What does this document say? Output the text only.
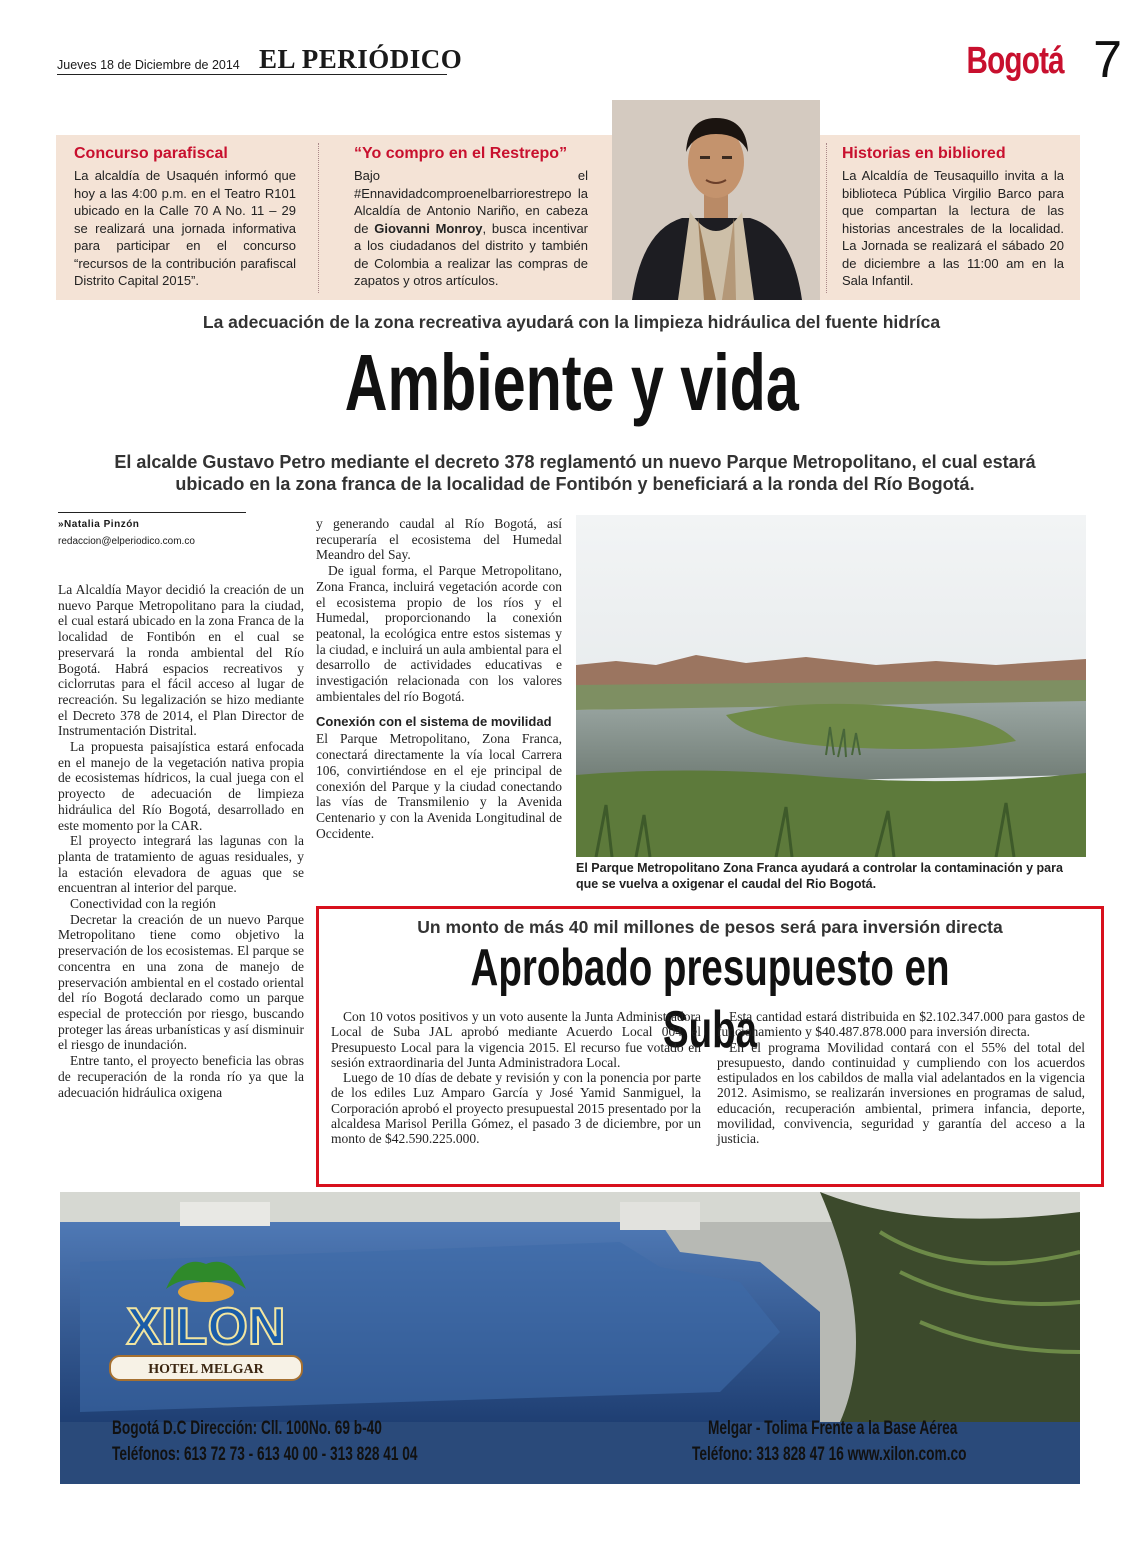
Jueves 18 de Diciembre de 2014 EL PERIÓDICO	Bogotá 7
Concurso parafiscal

La alcaldía de Usaquén informó que hoy a las 4:00 p.m. en el Teatro R101 ubicado en la Calle 70 A No. 11 – 29 se realizará una jornada informativa para participar en el concurso “recursos de la contribución parafiscal Distrito Capital 2015”.

“Yo compro en el Restrepo”

Bajo el #Ennavidadcomproenelbarriorestrepo la Alcaldía de Antonio Nariño, en cabeza de Giovanni Monroy, busca incentivar a los ciudadanos del distrito y también de Colombia a realizar las compras de zapatos y otros artículos.

Historias en bibliored

La Alcaldía de Teusaquillo invita a la biblioteca Pública Virgilio Barco para que compartan la lectura de las historias ancestrales de la localidad. La Jornada se realizará el sábado 20 de diciembre a las 11:00 am en la Sala Infantil.

La adecuación de la zona recreativa ayudará con la limpieza hidráulica del fuente hidríca
Ambiente y vida
El alcalde Gustavo Petro mediante el decreto 378 reglamentó un nuevo Parque Metropolitano, el cual estará
ubicado en la zona franca de la localidad de Fontibón y beneficiará a la ronda del Río Bogotá.
»Natalia Pinzón
redaccion@elperiodico.com.co

La Alcaldía Mayor decidió la creación de un nuevo Parque Metropolitano para la ciudad, el cual estará ubicado en la zona Franca de la localidad de Fontibón en el cual se preservará la ronda ambiental del Río Bogotá. Habrá espacios recreativos y ciclorrutas para el fácil acceso al lugar de recreación. Su legalización se hizo mediante el Decreto 378 de 2014, el Plan Director de Instrumentación Distrital.

La propuesta paisajística estará enfocada en el manejo de la vegetación nativa propia de ecosistemas hídricos, la cual juega con el proyecto de adecuación de limpieza hidráulica del Río Bogotá, desarrollado en este momento por la CAR.

El proyecto integrará las lagunas con la planta de tratamiento de aguas residuales, y la estación elevadora de aguas que se encuentran al interior del parque.

Conectividad con la región

Decretar la creación de un nuevo Parque Metropolitano tiene como objetivo la preservación de los ecosistemas. El parque se concentra en una zona de manejo de preservación ambiental en el costado oriental del río Bogotá declarado como un parque especial de protección por riesgo, buscando proteger las áreas urbanísticas y así disminuir el riesgo de inundación.

Entre tanto, el proyecto beneficia las obras de recuperación de la ronda río ya que la adecuación hidráulica oxigena

y generando caudal al Río Bogotá, así recuperaría el ecosistema del Humedal Meandro del Say.

De igual forma, el Parque Metropolitano, Zona Franca, incluirá vegetación acorde con el ecosistema propio de los ríos y el Humedal, proporcionando la conexión peatonal, la ecológica entre estos sistemas y la ciudad, e incluirá un aula ambiental para el desarrollo de actividades educativas e investigación relacionada con los valores ambientales del río Bogotá.

Conexión con el sistema de movilidad

El Parque Metropolitano, Zona Franca, conectará directamente la vía local Carrera 106, convirtiéndose en el eje principal de conexión del Parque y la ciudad conectando las vías de Transmilenio y la Avenida Centenario y con la Avenida Longitudinal de Occidente.

El Parque Metropolitano Zona Franca ayudará a controlar la contaminación y para que se vuelva a oxigenar el caudal del Rio Bogotá.
Un monto de más 40 mil millones de pesos será para inversión directa
Aprobado presupuesto en Suba

Con 10 votos positivos y un voto ausente la Junta Administradora Local de Suba JAL aprobó mediante Acuerdo Local 004 el Presupuesto Local para la vigencia 2015. El recurso fue votado en sesión extraordinaria del Junta Administradora Local.

Luego de 10 días de debate y revisión y con la ponencia por parte de los ediles Luz Amparo García y José Yamid Sanmiguel, la Corporación aprobó el proyecto presupuestal 2015 presentado por la alcaldesa Marisol Perilla Gómez, el pasado 3 de diciembre, por un monto de $42.590.225.000.

Esta cantidad estará distribuida en $2.102.347.000 para gastos de funcionamiento y $40.487.878.000 para inversión directa.

En el programa Movilidad contará con el 55% del total del presupuesto, dando continuidad y cumpliendo con los acuerdos estipulados en los cabildos de malla vial adelantados en la vigencia 2012. Asimismo, se realizarán inversiones en programas de salud, educación, recuperación ambiental, primera infancia, deporte, movilidad, convivencia, seguridad y garantía del acceso a la justicia.

XILON
HOTEL MELGAR
Bogotá D.C Dirección: Cll. 100No. 69 b-40
Teléfonos: 613 72 73 - 613 40 00 - 313 828 41 04
Melgar - Tolima Frente a la Base Aérea
Teléfono: 313 828 47 16 www.xilon.com.co
